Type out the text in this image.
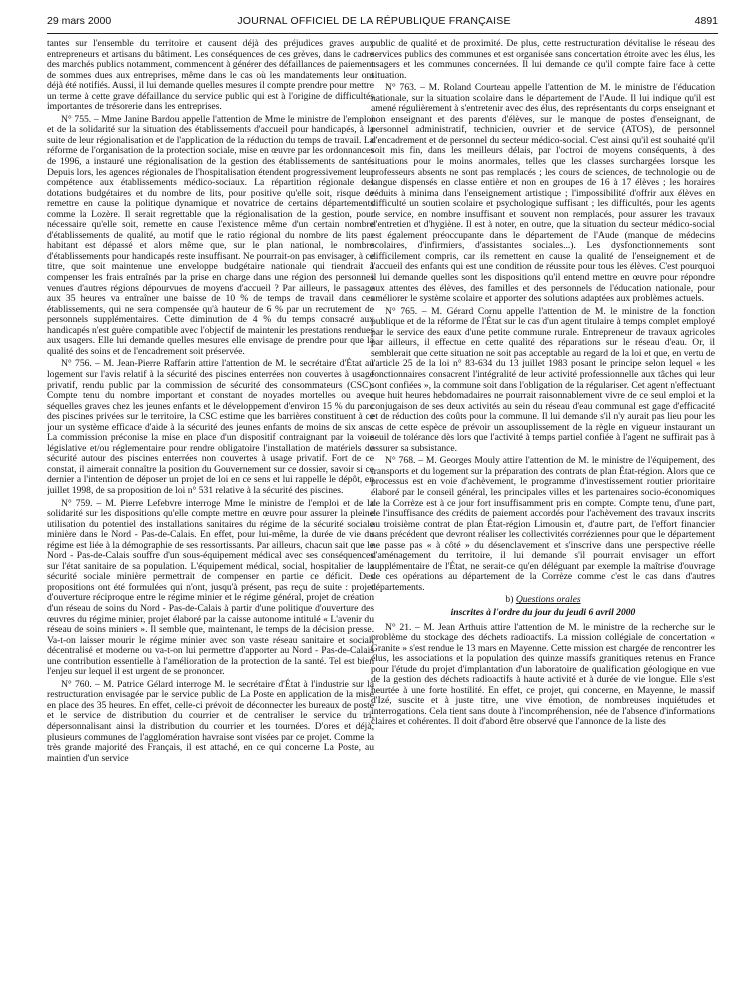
29 mars 2000	JOURNAL OFFICIEL DE LA RÉPUBLIQUE FRANÇAISE	4891

tantes sur l'ensemble du territoire et causent déjà des préjudices graves aux entrepreneurs et artisans du bâtiment. Les conséquences de ces grèves, dans le cadre des marchés publics notamment, commencent à générer des défaillances de paiement de sommes dues aux entreprises, même dans le cas où les mandatements leur ont déjà été notifiés. Aussi, il lui demande quelles mesures il compte prendre pour mettre un terme à cette grave défaillance du service public qui est à l'origine de difficultés importantes de trésorerie dans les entreprises.

N° 755. – Mme Janine Bardou appelle l'attention de Mme le ministre de l'emploi et de la solidarité sur la situation des établissements d'accueil pour handicapés, à la suite de leur régionalisation et de l'application de la réduction du temps de travail. La réforme de l'organisation de la protection sociale, mise en œuvre par les ordonnances de 1996, a instauré une régionalisation de la gestion des établissements de santé. Depuis lors, les agences régionales de l'hospitalisation étendent progressivement leur compétence aux établissements médico-sociaux. La répartition régionale des dotations budgétaires et du nombre de lits, pour positive qu'elle soit, risque de remettre en cause la politique dynamique et novatrice de certains départements comme la Lozère. Il serait regrettable que la régionalisation de la gestion, pour nécessaire qu'elle soit, remette en cause l'existence même d'un certain nombre d'établissements de qualité, au motif que le ratio régional du nombre de lits par habitant est dépassé et alors même que, sur le plan national, le nombre d'établissements pour handicapés reste insuffisant. Ne pourrait-on pas envisager, à ce titre, que soit maintenue une enveloppe budgétaire nationale qui tiendrait à compenser les frais entraînés par la prise en charge dans une région des personnes venues d'autres régions dépourvues de moyens d'accueil ? Par ailleurs, le passage aux 35 heures va entraîner une baisse de 10 % de temps de travail dans ces établissements, qui ne sera compensée qu'à hauteur de 6 % par un recrutement de personnels supplémentaires. Cette diminution de 4 % du temps consacré aux handicapés n'est guère compatible avec l'objectif de maintenir les prestations rendues aux usagers. Elle lui demande quelles mesures elle envisage de prendre pour que la qualité des soins et de l'encadrement soit préservée.

N° 756. – M. Jean-Pierre Raffarin attire l'attention de M. le secrétaire d'État au logement sur l'avis relatif à la sécurité des piscines enterrées non couvertes à usage privatif, rendu public par la commission de sécurité des consommateurs (CSC). Compte tenu du nombre important et constant de noyades mortelles ou avec séquelles graves chez les jeunes enfants et le développement d'environ 15 % du parc des piscines privées sur le territoire, la CSC estime que les barrières constituent à ce jour un système efficace d'aide à la sécurité des jeunes enfants de moins de six ans. La commission préconise la mise en place d'un dispositif contraignant par la voie législative et/ou réglementaire pour rendre obligatoire l'installation de matériels de sécurité autour des piscines enterrées non couvertes à usage privatif. Fort de ce constat, il aimerait connaître la position du Gouvernement sur ce dossier, savoir si ce dernier a l'intention de déposer un projet de loi en ce sens et lui rappelle le dépôt, en juillet 1998, de sa proposition de loi n° 531 relative à la sécurité des piscines.

N° 759. – M. Pierre Lefebvre interroge Mme le ministre de l'emploi et de la solidarité sur les dispositions qu'elle compte mettre en œuvre pour assurer la pleine utilisation du potentiel des installations sanitaires du régime de la sécurité sociale minière dans le Nord - Pas-de-Calais. En effet, pour lui-même, la durée de vie du régime est liée à la démographie de ses ressortissants. Par ailleurs, chacun sait que le Nord - Pas-de-Calais souffre d'un sous-équipement médical avec ses conséquences sur l'état sanitaire de sa population. L'équipement médical, social, hospitalier de la sécurité sociale minière permettrait de compenser en partie ce déficit. Des propositions ont été formulées qui n'ont, jusqu'à présent, pas reçu de suite : projet d'ouverture réciproque entre le régime minier et le régime général, projet de création d'un réseau de soins du Nord - Pas-de-Calais à partir d'une politique d'ouverture des œuvres du régime minier, projet élaboré par la caisse autonome intitulé « L'avenir du réseau de soins miniers ». Il semble que, maintenant, le temps de la décision presse. Va-t-on laisser mourir le régime minier avec son vaste réseau sanitaire et social, décentralisé et moderne ou va-t-on lui permettre d'apporter au Nord - Pas-de-Calais une contribution essentielle à l'amélioration de la protection de la santé. Tel est bien l'enjeu sur lequel il est urgent de se prononcer.

N° 760. – M. Patrice Gélard interroge M. le secrétaire d'État à l'industrie sur la restructuration envisagée par le service public de La Poste en application de la mise en place des 35 heures. En effet, celle-ci prévoit de déconnecter les bureaux de poste et le service de distribution du courrier et de centraliser le service du tri, dépersonnalisant ainsi la distribution du courrier et les tournées. D'ores et déjà, plusieurs communes de l'agglomération havraise sont visées par ce projet. Comme la très grande majorité des Français, il est attaché, en ce qui concerne La Poste, au maintien d'un service

public de qualité et de proximité. De plus, cette restructuration dévitalise le réseau des services publics des communes et est organisée sans concertation étroite avec les élus, les usagers et les communes concernées. Il lui demande ce qu'il compte faire face à cette situation.

N° 763. – M. Roland Courteau appelle l'attention de M. le ministre de l'éducation nationale, sur la situation scolaire dans le département de l'Aude. Il lui indique qu'il est amené régulièrement à s'entretenir avec des élus, des représentants du corps enseignant et non enseignant et des parents d'élèves, sur le manque de postes d'enseignant, de personnel administratif, technicien, ouvrier et de service (ATOS), de personnel d'encadrement et de personnel du secteur médico-social. C'est ainsi qu'il est souhaité qu'il soit mis fin, dans les meilleurs délais, par l'octroi de moyens conséquents, à des situations pour le moins anormales, telles que les classes surchargées lorsque les professeurs absents ne sont pas remplacés ; les cours de sciences, de technologie ou de langue dispensés en classe entière et non en groupes de 16 à 17 élèves ; les horaires réduits à minima dans l'enseignement artistique ; l'impossibilité d'offrir aux élèves en difficulté un soutien scolaire et psychologique suffisant ; les difficultés, pour les agents de service, en nombre insuffisant et souvent non remplacés, pour assurer les travaux d'entretien et d'hygiène. Il est à noter, en outre, que la situation du secteur médico-social est également préoccupante dans le département de l'Aude (manque de médecins scolaires, d'infirmiers, d'assistantes sociales...). Les dysfonctionnements sont difficilement compris, car ils remettent en cause la qualité de l'enseignement et de l'accueil des enfants qui est une condition de réussite pour tous les élèves. C'est pourquoi il lui demande quelles sont les dispositions qu'il entend mettre en œuvre pour répondre aux attentes des élèves, des familles et des personnels de l'éducation nationale, pour améliorer le système scolaire et apporter des solutions adaptées aux problèmes actuels.

N° 765. – M. Gérard Cornu appelle l'attention de M. le ministre de la fonction publique et de la réforme de l'État sur le cas d'un agent titulaire à temps complet employé par le service des eaux d'une petite commune rurale. Entrepreneur de travaux agricoles par ailleurs, il effectue en cette qualité des réparations sur le réseau d'eau. Or, il semblerait que cette situation ne soit pas acceptable au regard de la loi et que, en vertu de l'article 25 de la loi n° 83-634 du 13 juillet 1983 posant le principe selon lequel « les fonctionnaires consacrent l'intégralité de leur activité professionnelle aux tâches qui leur sont confiées », la commune soit dans l'obligation de la régulariser. Cet agent n'effectuant que huit heures hebdomadaires ne pourrait raisonnablement vivre de ce seul emploi et la conjugaison de ses deux activités au sein du réseau d'eau communal est gage d'efficacité et de réduction des coûts pour la commune. Il lui demande s'il n'y aurait pas lieu pour les cas de cette espèce de prévoir un assouplissement de la règle en vigueur instaurant un seuil de tolérance dès lors que l'activité à temps partiel confiée à l'agent ne suffirait pas à assurer sa subsistance.

N° 768. – M. Georges Mouly attire l'attention de M. le ministre de l'équipement, des transports et du logement sur la préparation des contrats de plan État-région. Alors que ce processus est en voie d'achèvement, le programme d'investissement routier prioritaire élaboré par le conseil général, les principales villes et les partenaires socio-économiques de la Corrèze est à ce jour fort insuffisamment pris en compte. Compte tenu, d'une part, de l'insuffisance des crédits de paiement accordés pour l'achèvement des travaux inscrits au troisième contrat de plan État-région Limousin et, d'autre part, de l'effort financier sans précédent que devront réaliser les collectivités corréziennes pour que le département ne passe pas « à côté » du désenclavement et s'inscrive dans une perspective réelle d'aménagement du territoire, il lui demande s'il pourrait envisager un effort supplémentaire de l'État, ne serait-ce qu'en déléguant par exemple la maîtrise d'ouvrage de ces opérations au département de la Corrèze comme c'est le cas dans d'autres départements.

b) Questions orales

inscrites à l'ordre du jour du jeudi 6 avril 2000

N° 21. – M. Jean Arthuis attire l'attention de M. le ministre de la recherche sur le problème du stockage des déchets radioactifs. La mission collégiale de concertation « Granite » s'est rendue le 13 mars en Mayenne. Cette mission est chargée de rencontrer les élus, les associations et la population des quinze massifs granitiques retenus en France pour l'étude du projet d'implantation d'un laboratoire de qualification géologique en vue de la gestion des déchets radioactifs à haute activité et à durée de vie longue. Elle s'est heurtée à une forte hostilité. En effet, ce projet, qui concerne, en Mayenne, le massif d'Izé, suscite et à juste titre, une vive émotion, de nombreuses inquiétudes et interrogations. Cela tient sans doute à l'incompréhension, née de l'absence d'informations claires et cohérentes. Il doit d'abord être observé que l'annonce de la liste des
